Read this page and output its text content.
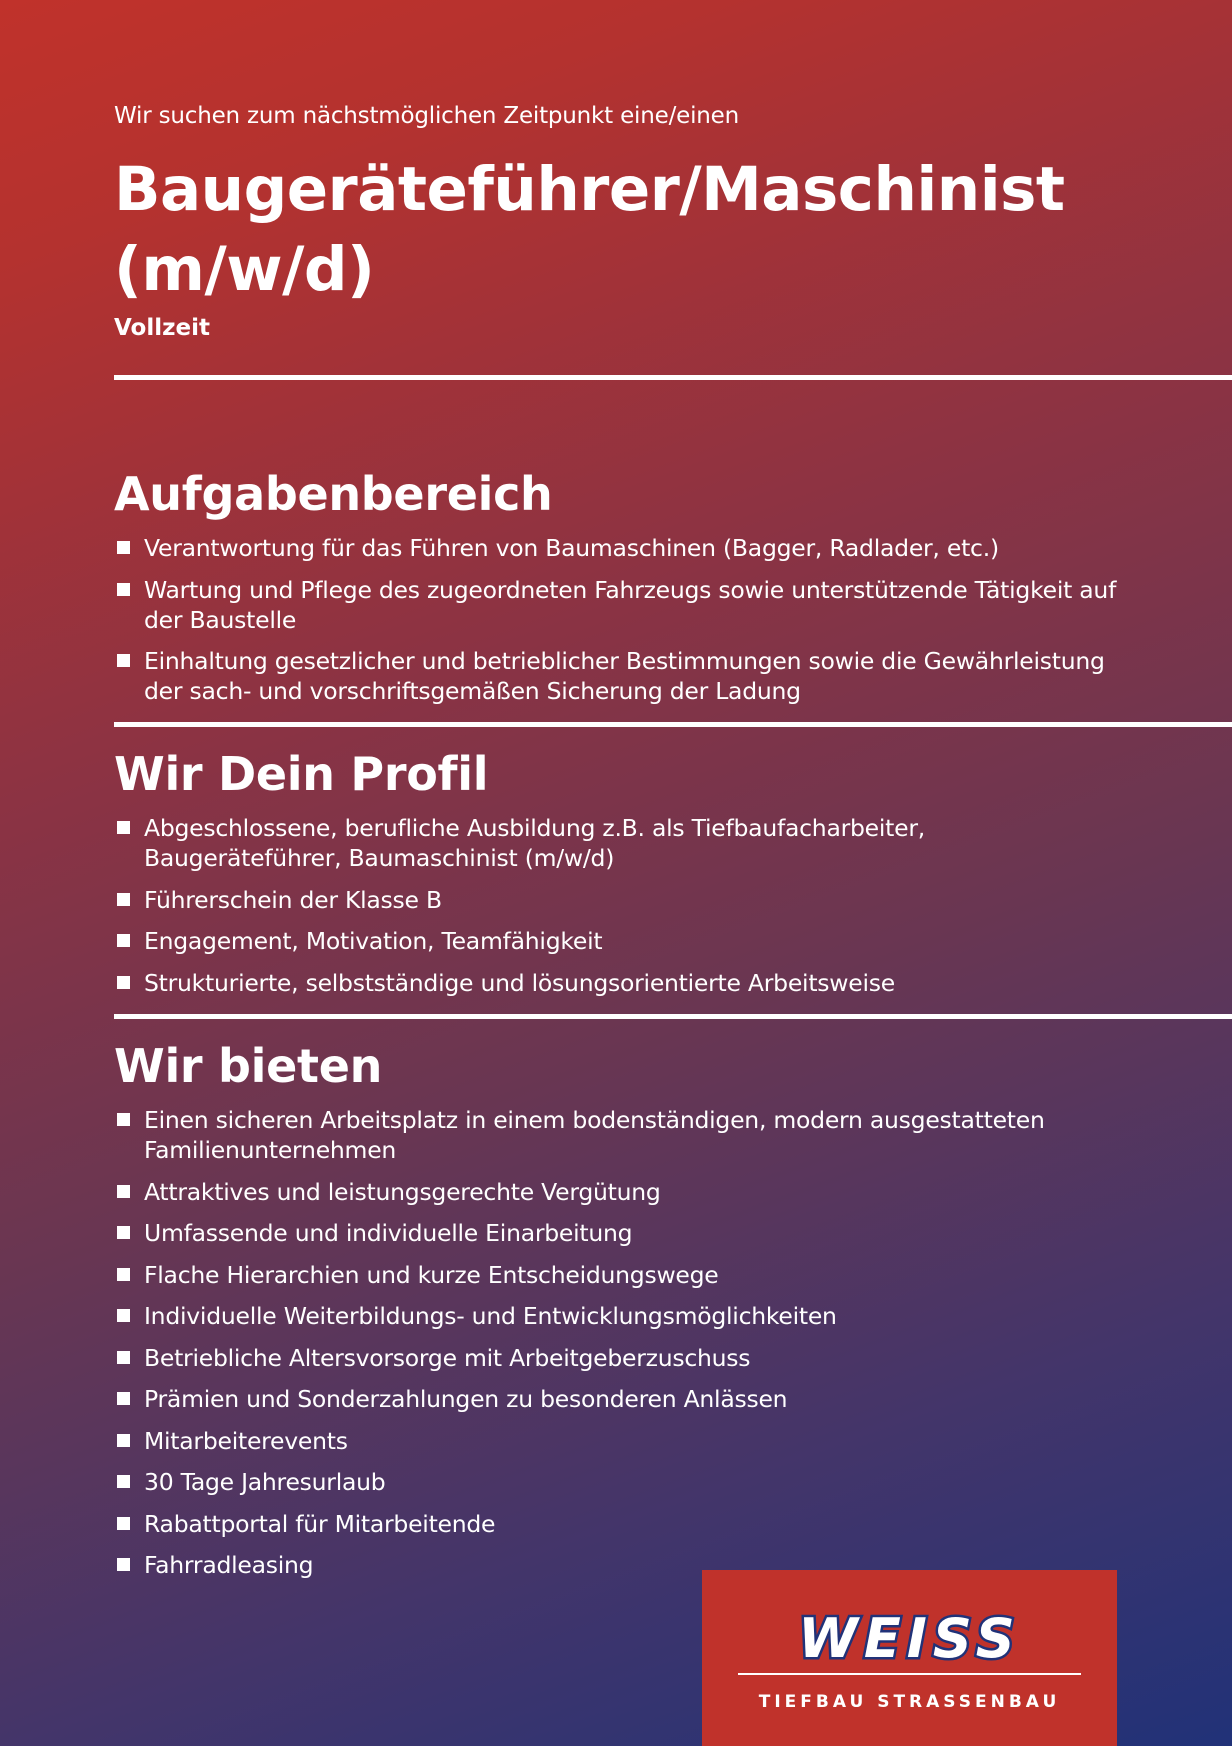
Wir suchen zum nächstmöglichen Zeitpunkt eine/einen
Baugeräteführer/Maschinist (m/w/d)
Vollzeit
Aufgabenbereich
Verantwortung für das Führen von Baumaschinen (Bagger, Radlader, etc.)
Wartung und Pflege des zugeordneten Fahrzeugs sowie unterstützende Tätigkeit auf der Baustelle
Einhaltung gesetzlicher und betrieblicher Bestimmungen sowie die Gewährleistung der sach- und vorschriftsgemäßen Sicherung der Ladung
Wir Dein Profil
Abgeschlossene, berufliche Ausbildung z.B. als Tiefbaufacharbeiter, Baugeräteführer, Baumaschinist (m/w/d)
Führerschein der Klasse B
Engagement, Motivation, Teamfähigkeit
Strukturierte, selbstständige und lösungsorientierte Arbeitsweise
Wir bieten
Einen sicheren Arbeitsplatz in einem bodenständigen, modern ausgestatteten Familienunternehmen
Attraktives und leistungsgerechte Vergütung
Umfassende und individuelle Einarbeitung
Flache Hierarchien und kurze Entscheidungswege
Individuelle Weiterbildungs- und Entwicklungsmöglichkeiten
Betriebliche Altersvorsorge mit Arbeitgeberzuschuss
Prämien und Sonderzahlungen zu besonderen Anlässen
Mitarbeiterevents
30 Tage Jahresurlaub
Rabattportal für Mitarbeitende
Fahrradleasing
WEISS
TIEFBAU STRASSENBAU
